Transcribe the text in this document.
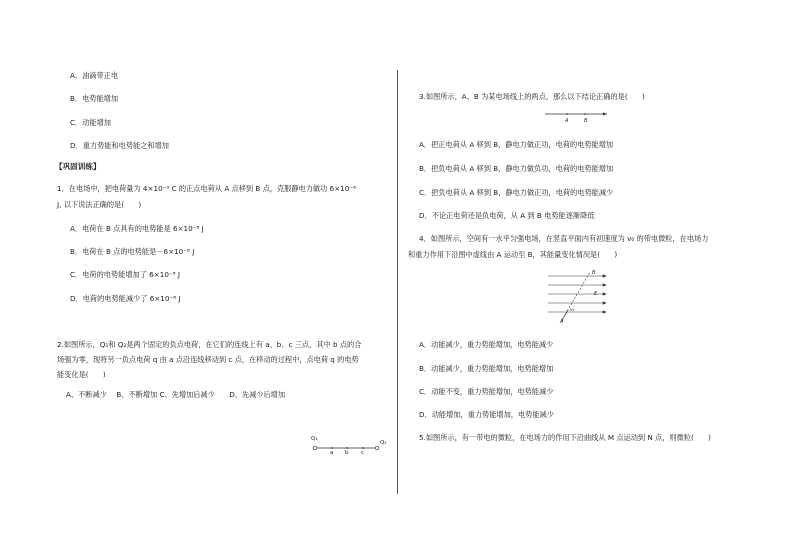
A．油滴带正电
B．电势能增加
C．动能增加
D．重力势能和电势能之和增加
【巩固训练】
1．在电场中，把电荷量为 4×10⁻⁹ C 的正点电荷从 A 点移到 B 点，克服静电力做功 6×10⁻⁸
J, 以下说法正确的是(　　)
A．电荷在 B 点具有的电势能是 6×10⁻⁸ J
B．电荷在 B 点的电势能是－6×10⁻⁸ J
C．电荷的电势能增加了 6×10⁻⁸ J
D．电荷的电势能减少了 6×10⁻⁸ J
2.如图所示，Q₁和 Q₂是两个固定的负点电荷，在它们的连线上有 a、b、c 三点，其中 b 点的合
场强为零，现将另一负点电荷 q 由 a 点沿连线移动到 c 点，在移动的过程中，点电荷 q 的电势
能变化是(　　)
A、不断减少　 B、不断增加 C、先增加后减少　　D、先减少后增加
Q₁
a b c
Q₂
3.如图所示，A、B 为某电场线上的两点，那么以下结论正确的是(　　)
A	B
A．把正电荷从 A 移到 B，静电力做正功，电荷的电势能增加
B．把负电荷从 A 移到 B，静电力做负功，电荷的电势能增加
C．把负电荷从 A 移到 B，静电力做正功，电荷的电势能减少
D．不论正电荷还是负电荷，从 A 到 B 电势能逐渐降低
4．如图所示，空间有一水平匀强电场，在竖直平面内有初速度为 v₀ 的带电微粒，在电场力
和重力作用下沿图中虚线由 A 运动至 B，其能量变化情况是(　　)
B
E
v₀
A
A．动能减少，重力势能增加，电势能减少
B．动能减少，重力势能增加，电势能增加
C．动能不变，重力势能增加，电势能减少
D．动能增加，重力势能增加，电势能减少
5.如图所示，有一带电的微粒，在电场力的作用下沿曲线从 M 点运动到 N 点，则微粒(　　)
